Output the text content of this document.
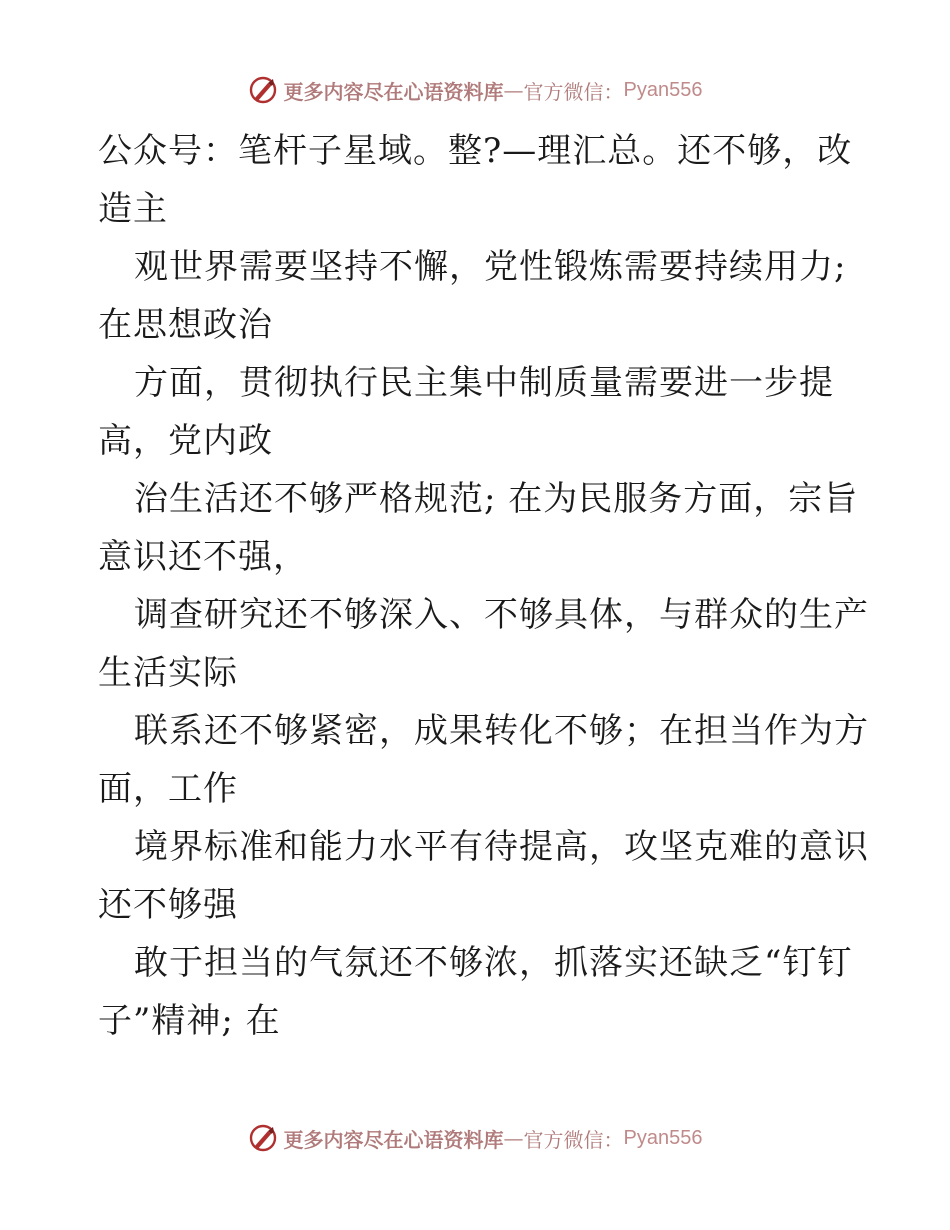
更多内容尽在心语资料库 — 官方微信： Pyan556
公众号：笔杆子星域。整?—理汇总。还不够，改
造主
观世界需要坚持不懈，党性锻炼需要持续用力;
在思想政治
方面，贯彻执行民主集中制质量需要进一步提
高，党内政
治生活还不够严格规范; 在为民服务方面，宗旨
意识还不强，
调查研究还不够深入、不够具体，与群众的生产
生活实际
联系还不够紧密，成果转化不够；在担当作为方
面，工作
境界标准和能力水平有待提高，攻坚克难的意识
还不够强
敢于担当的气氛还不够浓，抓落实还缺乏“钉钉
子”精神; 在
更多内容尽在心语资料库 — 官方微信： Pyan556
